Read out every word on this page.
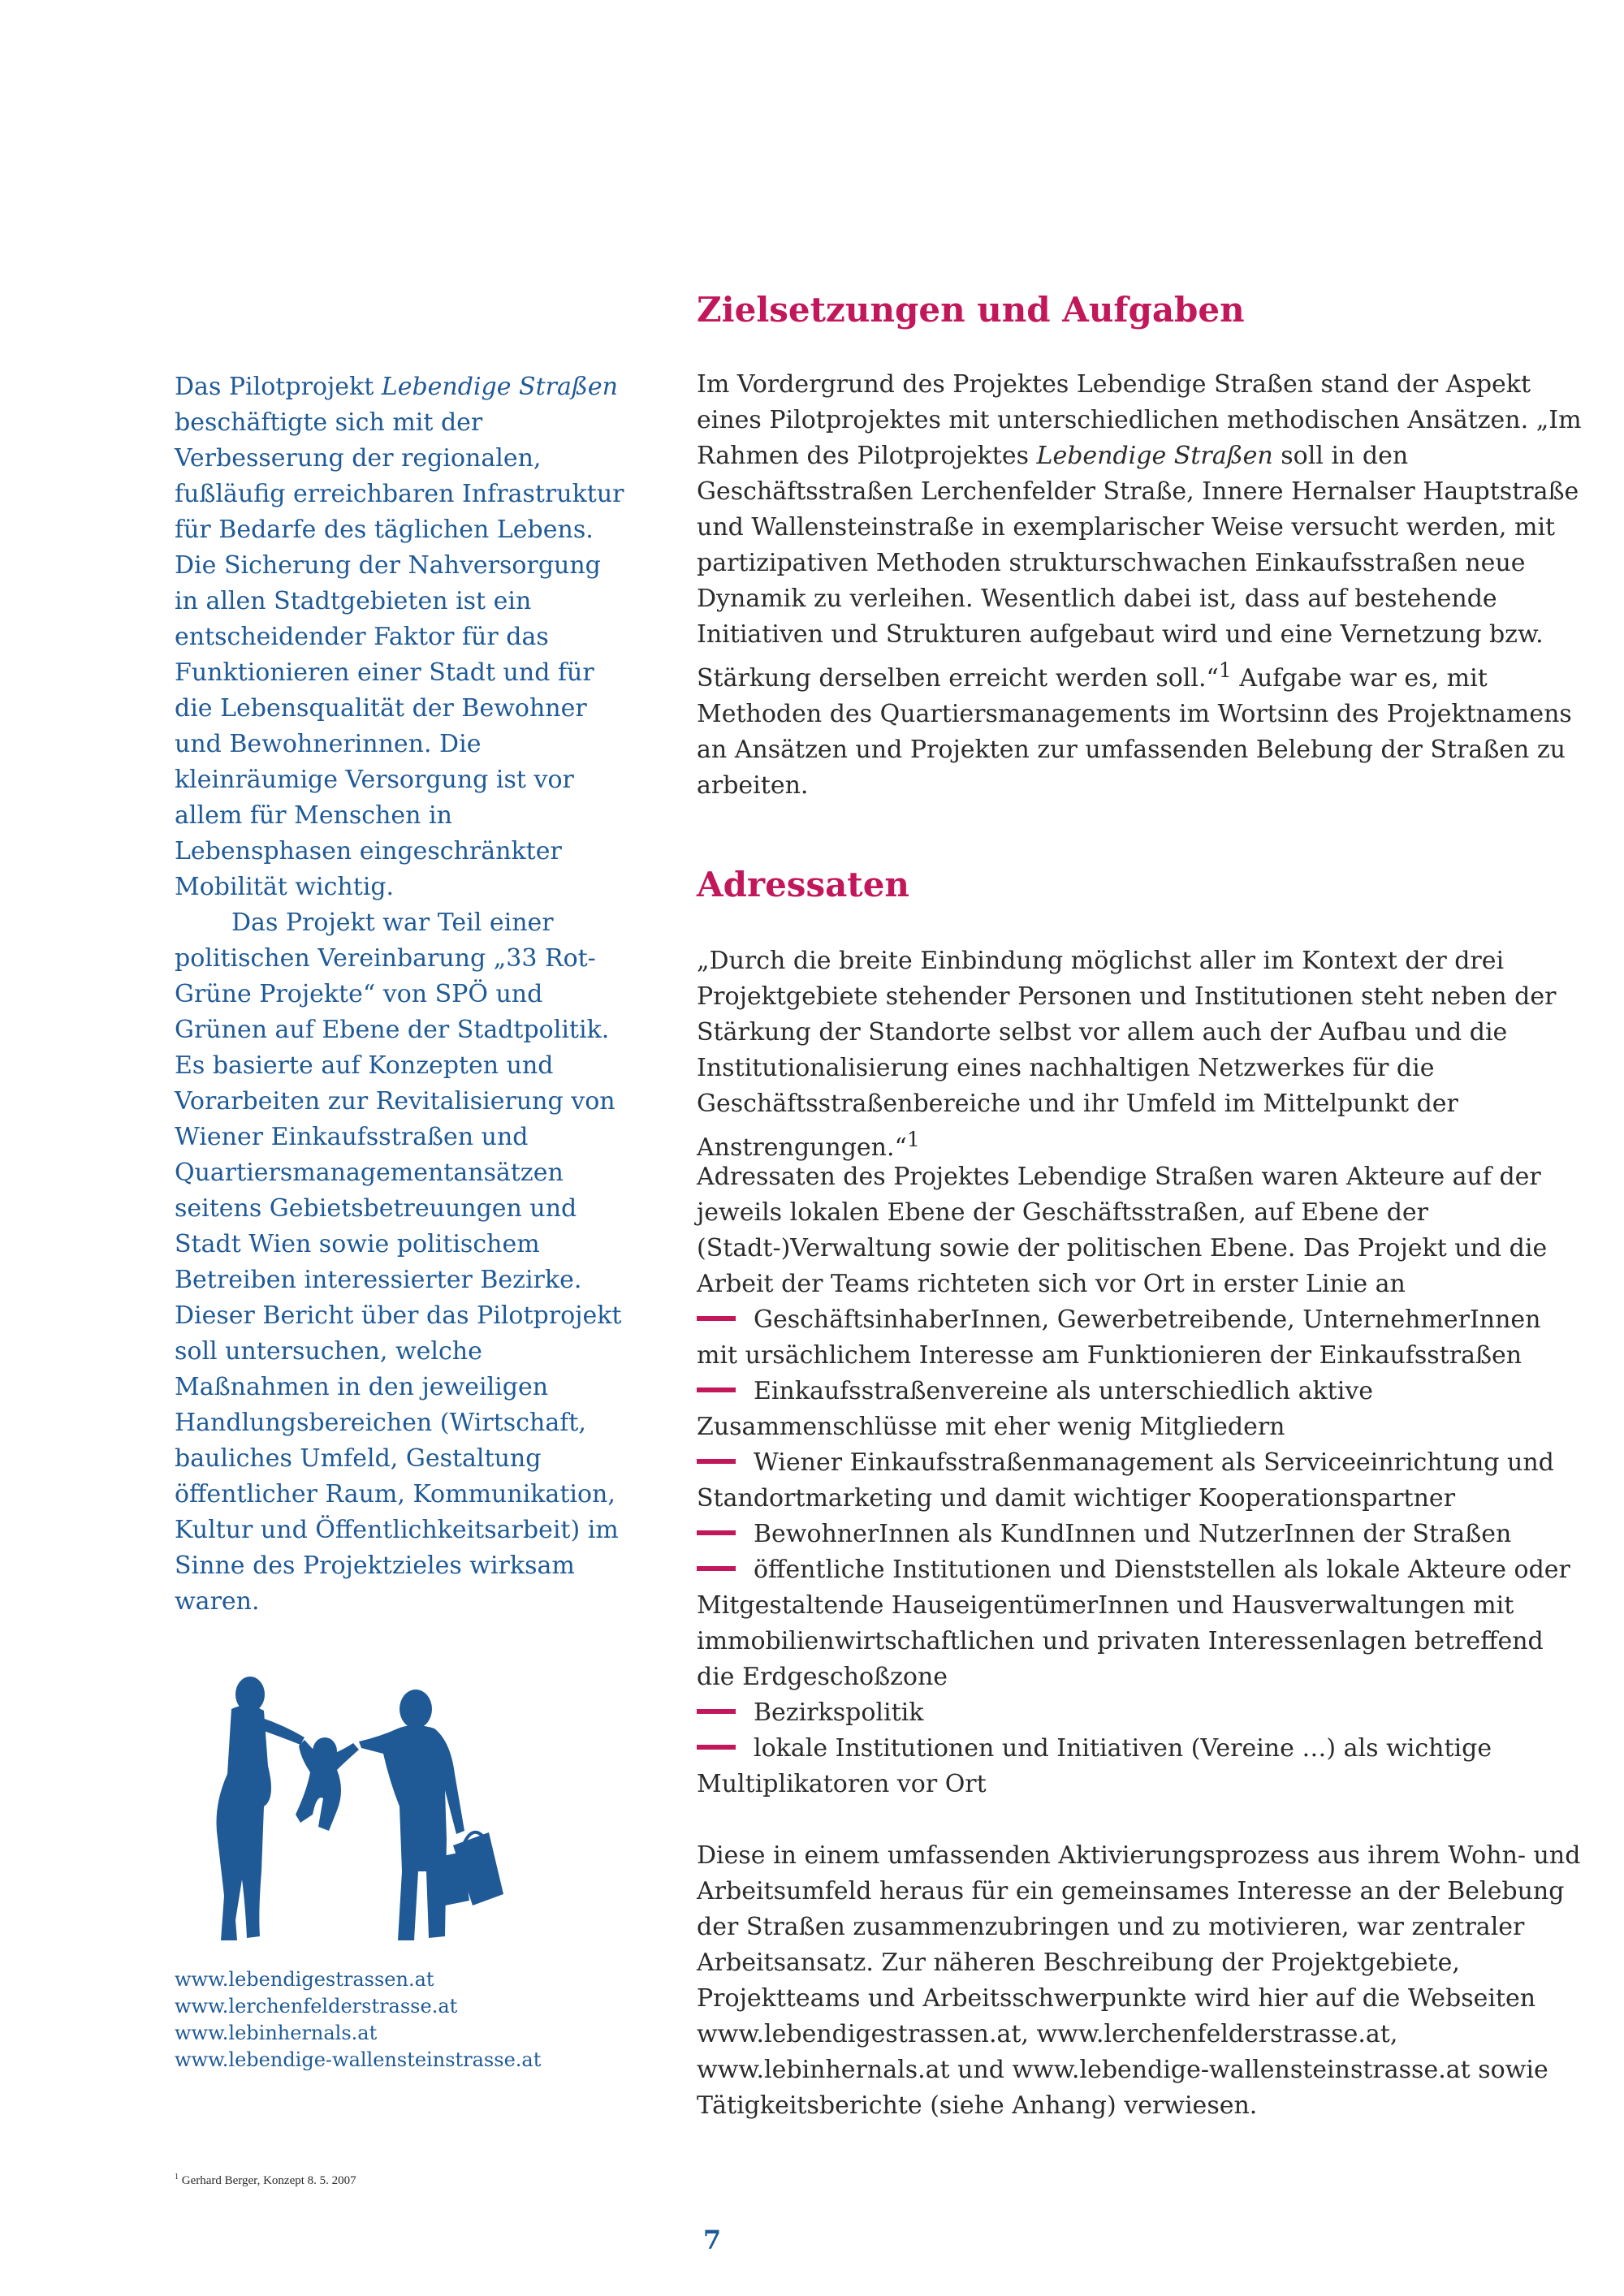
Das Pilotprojekt Lebendige Straßen beschäftigte sich mit der Verbesserung der regionalen, fußläufig erreichbaren Infrastruktur für Bedarfe des täglichen Lebens. Die Sicherung der Nahversorgung in allen Stadtgebieten ist ein entscheidender Faktor für das Funktionieren einer Stadt und für die Lebensqualität der Bewohner und Bewohnerinnen. Die kleinräumige Versorgung ist vor allem für Menschen in Lebensphasen eingeschränkter Mobilität wichtig.

Das Projekt war Teil einer politischen Vereinbarung „33 Rot-Grüne Projekte“ von SPÖ und Grünen auf Ebene der Stadtpolitik. Es basierte auf Konzepten und Vorarbeiten zur Revitalisierung von Wiener Einkaufsstraßen und Quartiersmanagementansätzen seitens Gebietsbetreuungen und Stadt Wien sowie politischem Betreiben interessierter Bezirke. Dieser Bericht über das Pilotprojekt soll untersuchen, welche Maßnahmen in den jeweiligen Handlungsbereichen (Wirtschaft, bauliches Umfeld, Gestaltung öffentlicher Raum, Kommunikation, Kultur und Öffentlichkeitsarbeit) im Sinne des Projektzieles wirksam waren.

www.lebendigestrassen.at
www.lerchenfelderstrasse.at
www.lebinhernals.at
www.lebendige-wallensteinstrasse.at
$^1$ Gerhard Berger, Konzept 8. 5. 2007
7
Zielsetzungen und Aufgaben

Im Vordergrund des Projektes Lebendige Straßen stand der Aspekt eines Pilotprojektes mit unterschiedlichen methodischen Ansätzen. „Im Rahmen des Pilotprojektes Lebendige Straßen soll in den Geschäftsstraßen Lerchenfelder Straße, Innere Hernalser Hauptstraße und Wallensteinstraße in exemplarischer Weise versucht werden, mit partizipativen Methoden strukturschwachen Einkaufsstraßen neue Dynamik zu verleihen. Wesentlich dabei ist, dass auf bestehende Initiativen und Strukturen aufgebaut wird und eine Vernetzung bzw. Stärkung derselben erreicht werden soll.“$^1$ Aufgabe war es, mit Methoden des Quartiersmanagements im Wortsinn des Projektnamens an Ansätzen und Projekten zur umfassenden Belebung der Straßen zu arbeiten.

Adressaten

„Durch die breite Einbindung möglichst aller im Kontext der drei Projektgebiete stehender Personen und Institutionen steht neben der Stärkung der Standorte selbst vor allem auch der Aufbau und die Institutionalisierung eines nachhaltigen Netzwerkes für die Geschäftsstraßenbereiche und ihr Umfeld im Mittelpunkt der Anstrengungen.“$^1$

Adressaten des Projektes Lebendige Straßen waren Akteure auf der jeweils lokalen Ebene der Geschäftsstraßen, auf Ebene der (Stadt-)Verwaltung sowie der politischen Ebene. Das Projekt und die Arbeit der Teams richteten sich vor Ort in erster Linie an

GeschäftsinhaberInnen, Gewerbetreibende, UnternehmerInnen mit ursächlichem Interesse am Funktionieren der Einkaufsstraßen
Einkaufsstraßenvereine als unterschiedlich aktive Zusammenschlüsse mit eher wenig Mitgliedern
Wiener Einkaufsstraßenmanagement als Serviceeinrichtung und Standortmarketing und damit wichtiger Kooperationspartner
BewohnerInnen als KundInnen und NutzerInnen der Straßen
öffentliche Institutionen und Dienststellen als lokale Akteure oder Mitgestaltende HauseigentümerInnen und Hausverwaltungen mit immobilienwirtschaftlichen und privaten Interessenlagen betreffend die Erdgeschoßzone
Bezirkspolitik
lokale Institutionen und Initiativen (Vereine …) als wichtige Multiplikatoren vor Ort

Diese in einem umfassenden Aktivierungsprozess aus ihrem Wohn- und Arbeitsumfeld heraus für ein gemeinsames Interesse an der Belebung der Straßen zusammenzubringen und zu motivieren, war zentraler Arbeitsansatz. Zur näheren Beschreibung der Projektgebiete, Projektteams und Arbeitsschwerpunkte wird hier auf die Webseiten www.lebendigestrassen.at, www.lerchenfelderstrasse.at, www.lebinhernals.at und www.lebendige-wallensteinstrasse.at sowie Tätigkeitsberichte (siehe Anhang) verwiesen.
